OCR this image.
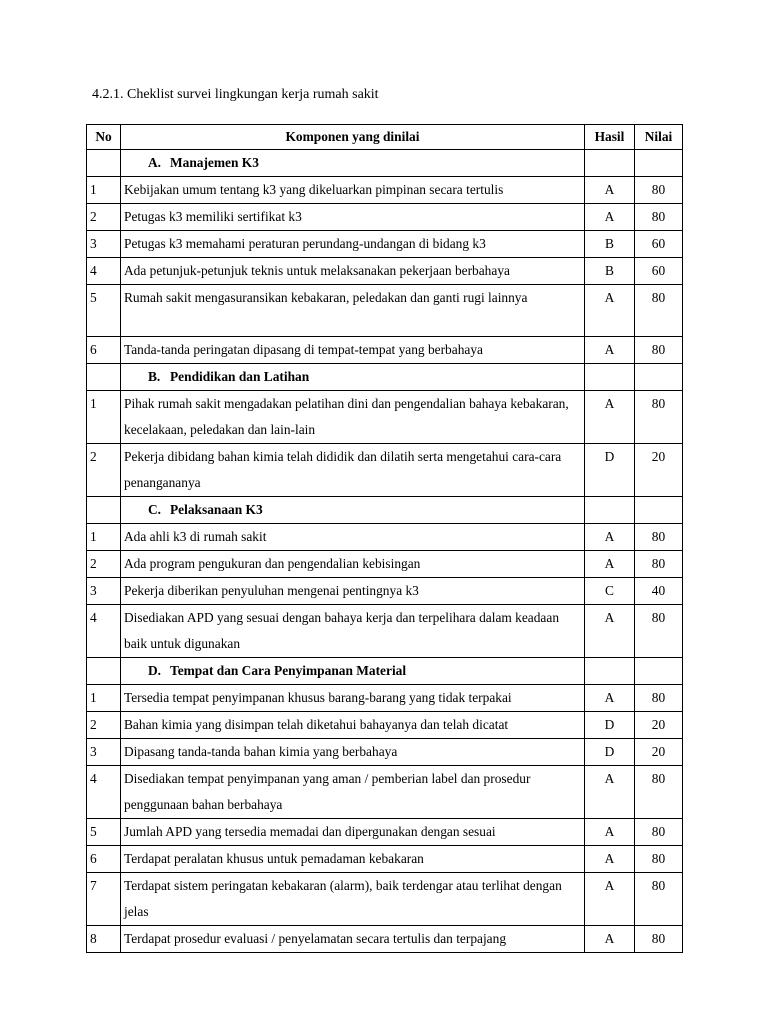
4.2.1. Cheklist survei lingkungan kerja rumah sakit
No	Komponen yang dinilai	Hasil	Nilai

	A. Manajemen K3		

1	Kebijakan umum tentang k3 yang dikeluarkan pimpinan secara tertulis	A	80
2	Petugas k3 memiliki sertifikat k3	A	80
3	Petugas k3 memahami peraturan perundang-undangan di bidang k3	B	60
4	Ada petunjuk-petunjuk teknis untuk melaksanakan pekerjaan berbahaya	B	60
5	Rumah sakit mengasuransikan kebakaran, peledakan dan ganti rugi lainnya	A	80
6	Tanda-tanda peringatan dipasang di tempat-tempat yang berbahaya	A	80

	B. Pendidikan dan Latihan		

1	Pihak rumah sakit mengadakan pelatihan dini dan pengendalian bahaya kebakaran, kecelakaan, peledakan dan lain-lain	A	80
2	Pekerja dibidang bahan kimia telah dididik dan dilatih serta mengetahui cara-cara penangananya	D	20

	C. Pelaksanaan K3		

1	Ada ahli k3 di rumah sakit	A	80
2	Ada program pengukuran dan pengendalian kebisingan	A	80
3	Pekerja diberikan penyuluhan mengenai pentingnya k3	C	40
4	Disediakan APD yang sesuai dengan bahaya kerja dan terpelihara dalam keadaan baik untuk digunakan	A	80

	D. Tempat dan Cara Penyimpanan Material		

1	Tersedia tempat penyimpanan khusus barang-barang yang tidak terpakai	A	80
2	Bahan kimia yang disimpan telah diketahui bahayanya dan telah dicatat	D	20
3	Dipasang tanda-tanda bahan kimia yang berbahaya	D	20
4	Disediakan tempat penyimpanan yang aman / pemberian label dan prosedur penggunaan bahan berbahaya	A	80
5	Jumlah APD yang tersedia memadai dan dipergunakan dengan sesuai	A	80
6	Terdapat peralatan khusus untuk pemadaman kebakaran	A	80
7	Terdapat sistem peringatan kebakaran (alarm), baik terdengar atau terlihat dengan jelas	A	80
8	Terdapat prosedur evaluasi / penyelamatan secara tertulis dan terpajang	A	80
